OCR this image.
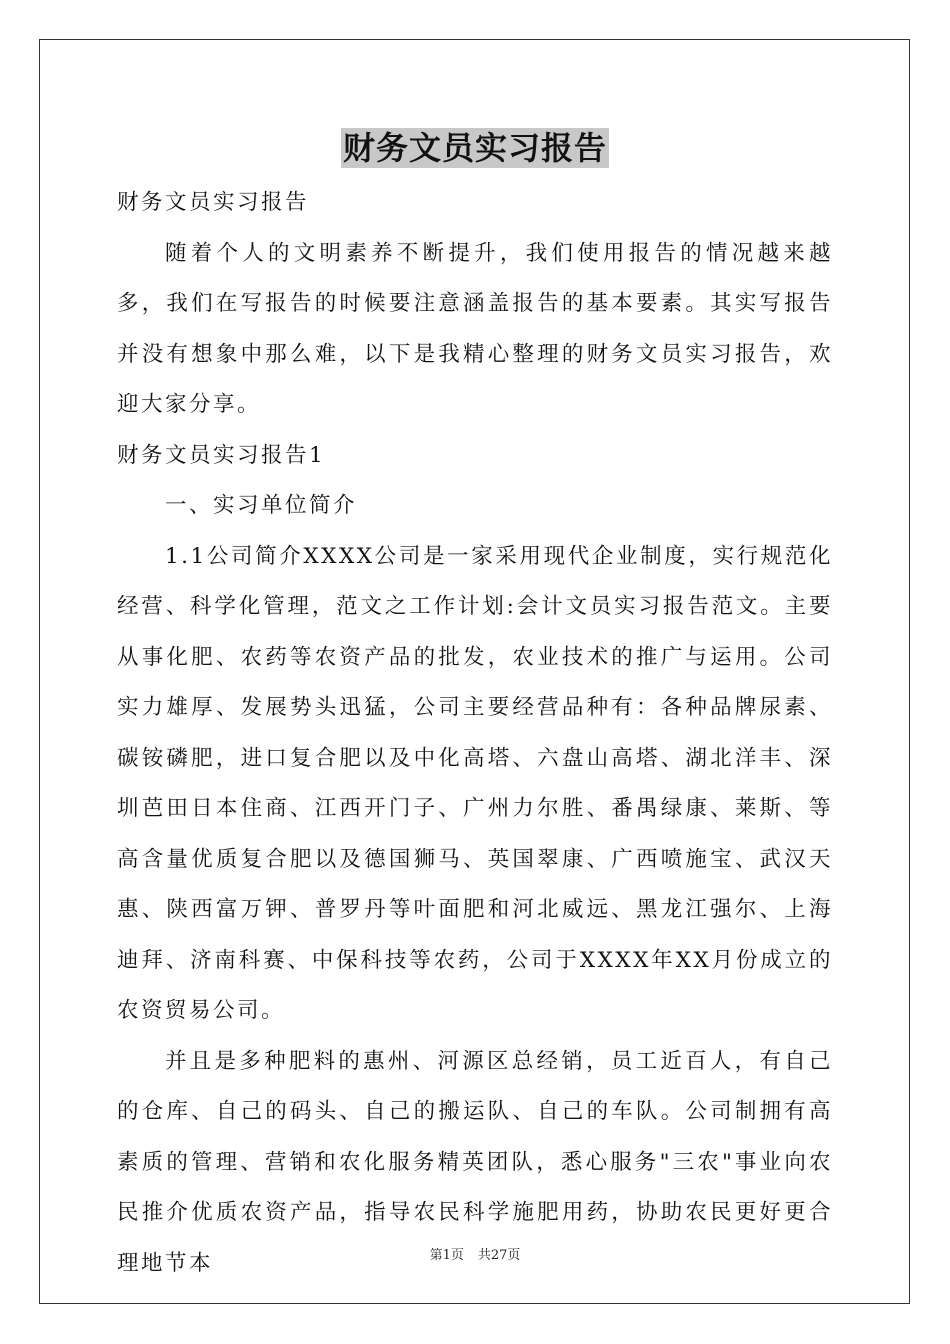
财务文员实习报告

财务文员实习报告

随着个人的文明素养不断提升，我们使用报告的情况越来越多，我们在写报告的时候要注意涵盖报告的基本要素。其实写报告并没有想象中那么难，以下是我精心整理的财务文员实习报告，欢迎大家分享。

财务文员实习报告1

一、实习单位简介

1.1公司简介XXXX公司是一家采用现代企业制度，实行规范化经营、科学化管理，范文之工作计划:会计文员实习报告范文。主要从事化肥、农药等农资产品的批发，农业技术的推广与运用。公司实力雄厚、发展势头迅猛，公司主要经营品种有：各种品牌尿素、碳铵磷肥，进口复合肥以及中化高塔、六盘山高塔、湖北洋丰、深圳芭田日本住商、江西开门子、广州力尔胜、番禺绿康、莱斯、等高含量优质复合肥以及德国狮马、英国翠康、广西喷施宝、武汉天惠、陕西富万钾、普罗丹等叶面肥和河北威远、黑龙江强尔、上海迪拜、济南科赛、中保科技等农药，公司于XXXX年XX月份成立的农资贸易公司。

并且是多种肥料的惠州、河源区总经销，员工近百人，有自己的仓库、自己的码头、自己的搬运队、自己的车队。公司制拥有高素质的管理、营销和农化服务精英团队，悉心服务"三农"事业向农民推介优质农资产品，指导农民科学施肥用药，协助农民更好更合理地节本	第1页 共27页
